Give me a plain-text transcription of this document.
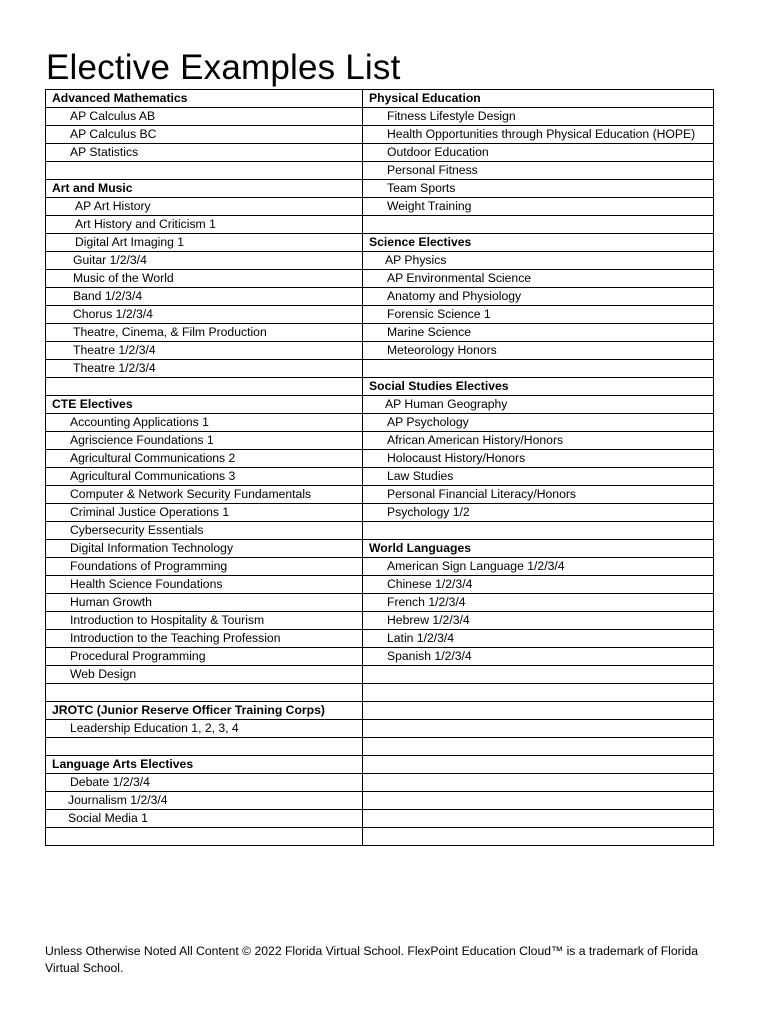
Elective Examples List
Advanced Mathematics	Physical Education
AP Calculus AB	Fitness Lifestyle Design
AP Calculus BC	Health Opportunities through Physical Education (HOPE)
AP Statistics	Outdoor Education
	Personal Fitness
Art and Music	Team Sports
AP Art History	Weight Training
Art History and Criticism 1	
Digital Art Imaging 1	Science Electives
Guitar 1/2/3/4	AP Physics
Music of the World	AP Environmental Science
Band 1/2/3/4	Anatomy and Physiology
Chorus 1/2/3/4	Forensic Science 1
Theatre, Cinema, & Film Production	Marine Science
Theatre 1/2/3/4	Meteorology Honors
Theatre 1/2/3/4	
	Social Studies Electives
CTE Electives	AP Human Geography
Accounting Applications 1	AP Psychology
Agriscience Foundations 1	African American History/Honors
Agricultural Communications 2	Holocaust History/Honors
Agricultural Communications 3	Law Studies
Computer & Network Security Fundamentals	Personal Financial Literacy/Honors
Criminal Justice Operations 1	Psychology 1/2
Cybersecurity Essentials	
Digital Information Technology	World Languages
Foundations of Programming	American Sign Language 1/2/3/4
Health Science Foundations	Chinese 1/2/3/4
Human Growth	French 1/2/3/4
Introduction to Hospitality & Tourism	Hebrew 1/2/3/4
Introduction to the Teaching Profession	Latin 1/2/3/4
Procedural Programming	Spanish 1/2/3/4
Web Design	

JROTC (Junior Reserve Officer Training Corps)	
Leadership Education 1, 2, 3, 4	

Language Arts Electives	
Debate 1/2/3/4	
Journalism 1/2/3/4	
Social Media 1	

Unless Otherwise Noted All Content © 2022 Florida Virtual School. FlexPoint Education Cloud™ is a trademark of Florida Virtual School.
